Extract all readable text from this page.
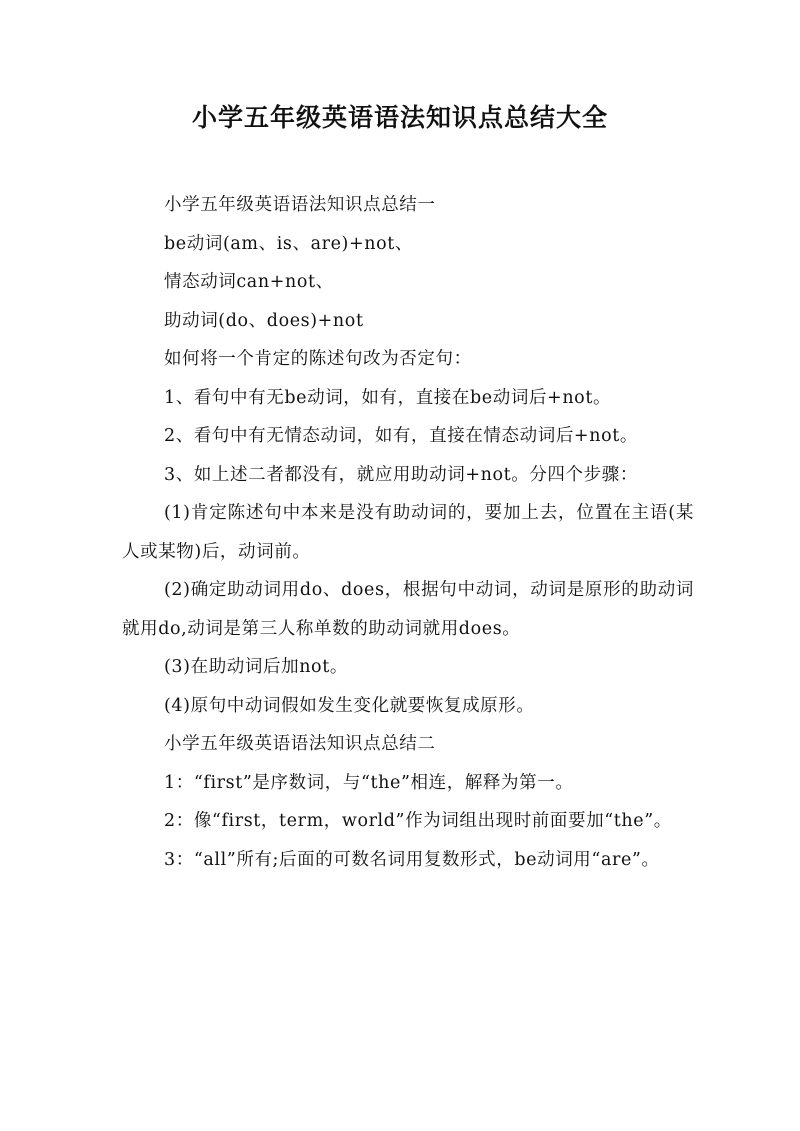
小学五年级英语语法知识点总结大全

小学五年级英语语法知识点总结一

be动词(am、is、are)+not、

情态动词can+not、

助动词(do、does)+not

如何将一个肯定的陈述句改为否定句：

1、看句中有无be动词，如有，直接在be动词后+not。

2、看句中有无情态动词，如有，直接在情态动词后+not。

3、如上述二者都没有，就应用助动词+not。分四个步骤：

(1)肯定陈述句中本来是没有助动词的，要加上去，位置在主语(某人或某物)后，动词前。

(2)确定助动词用do、does，根据句中动词，动词是原形的助动词就用do,动词是第三人称单数的助动词就用does。

(3)在助动词后加not。

(4)原句中动词假如发生变化就要恢复成原形。

小学五年级英语语法知识点总结二

1：“first”是序数词，与“the”相连，解释为第一。

2：像“first，term，world”作为词组出现时前面要加“the”。

3：“all”所有;后面的可数名词用复数形式，be动词用“are”。
